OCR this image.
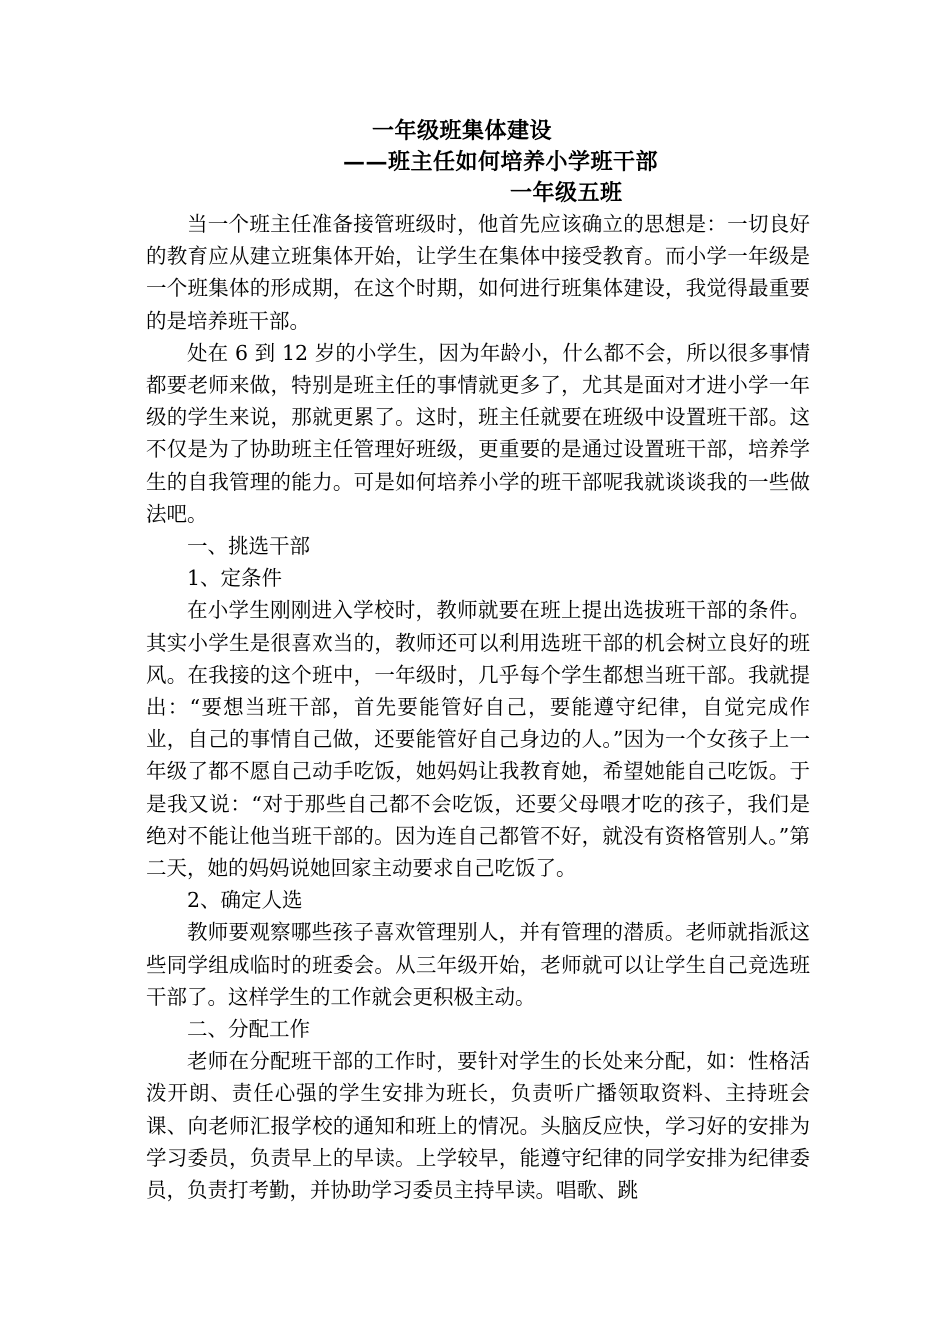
一年级班集体建设
——班主任如何培养小学班干部
一年级五班

当一个班主任准备接管班级时，他首先应该确立的思想是：一切良好的教育应从建立班集体开始，让学生在集体中接受教育。而小学一年级是一个班集体的形成期，在这个时期，如何进行班集体建设，我觉得最重要的是培养班干部。

处在 6 到 12 岁的小学生，因为年龄小，什么都不会，所以很多事情都要老师来做，特别是班主任的事情就更多了，尤其是面对才进小学一年级的学生来说，那就更累了。这时，班主任就要在班级中设置班干部。这不仅是为了协助班主任管理好班级，更重要的是通过设置班干部，培养学生的自我管理的能力。可是如何培养小学的班干部呢我就谈谈我的一些做法吧。

一、挑选干部

1、定条件

在小学生刚刚进入学校时，教师就要在班上提出选拔班干部的条件。其实小学生是很喜欢当的，教师还可以利用选班干部的机会树立良好的班风。在我接的这个班中，一年级时，几乎每个学生都想当班干部。我就提出：“要想当班干部，首先要能管好自己，要能遵守纪律，自觉完成作业，自己的事情自己做，还要能管好自己身边的人。”因为一个女孩子上一年级了都不愿自己动手吃饭，她妈妈让我教育她，希望她能自己吃饭。于是我又说：“对于那些自己都不会吃饭，还要父母喂才吃的孩子，我们是绝对不能让他当班干部的。因为连自己都管不好，就没有资格管别人。”第二天，她的妈妈说她回家主动要求自己吃饭了。

2、确定人选

教师要观察哪些孩子喜欢管理别人，并有管理的潜质。老师就指派这些同学组成临时的班委会。从三年级开始，老师就可以让学生自己竞选班干部了。这样学生的工作就会更积极主动。

二、分配工作

老师在分配班干部的工作时，要针对学生的长处来分配，如：性格活泼开朗、责任心强的学生安排为班长，负责听广播领取资料、主持班会课、向老师汇报学校的通知和班上的情况。头脑反应快，学习好的安排为学习委员，负责早上的早读。上学较早，能遵守纪律的同学安排为纪律委员，负责打考勤，并协助学习委员主持早读。唱歌、跳
